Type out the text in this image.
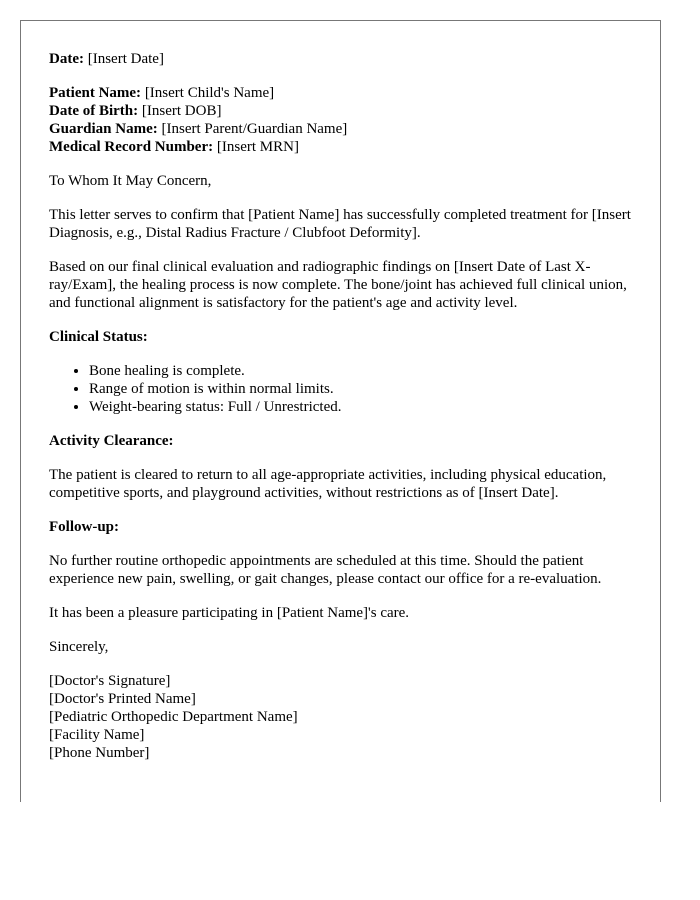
Date: [Insert Date]

Patient Name: [Insert Child's Name]

Date of Birth: [Insert DOB]

Guardian Name: [Insert Parent/Guardian Name]

Medical Record Number: [Insert MRN]

To Whom It May Concern,

This letter serves to confirm that [Patient Name] has successfully completed treatment for [Insert Diagnosis, e.g., Distal Radius Fracture / Clubfoot Deformity].

Based on our final clinical evaluation and radiographic findings on [Insert Date of Last X-ray/Exam], the healing process is now complete. The bone/joint has achieved full clinical union, and functional alignment is satisfactory for the patient's age and activity level.

Clinical Status:

• Bone healing is complete.
• Range of motion is within normal limits.
• Weight-bearing status: Full / Unrestricted.

Activity Clearance:

The patient is cleared to return to all age-appropriate activities, including physical education, competitive sports, and playground activities, without restrictions as of [Insert Date].

Follow-up:

No further routine orthopedic appointments are scheduled at this time. Should the patient experience new pain, swelling, or gait changes, please contact our office for a re-evaluation.

It has been a pleasure participating in [Patient Name]'s care.

Sincerely,

[Doctor's Signature]

[Doctor's Printed Name]

[Pediatric Orthopedic Department Name]

[Facility Name]

[Phone Number]
